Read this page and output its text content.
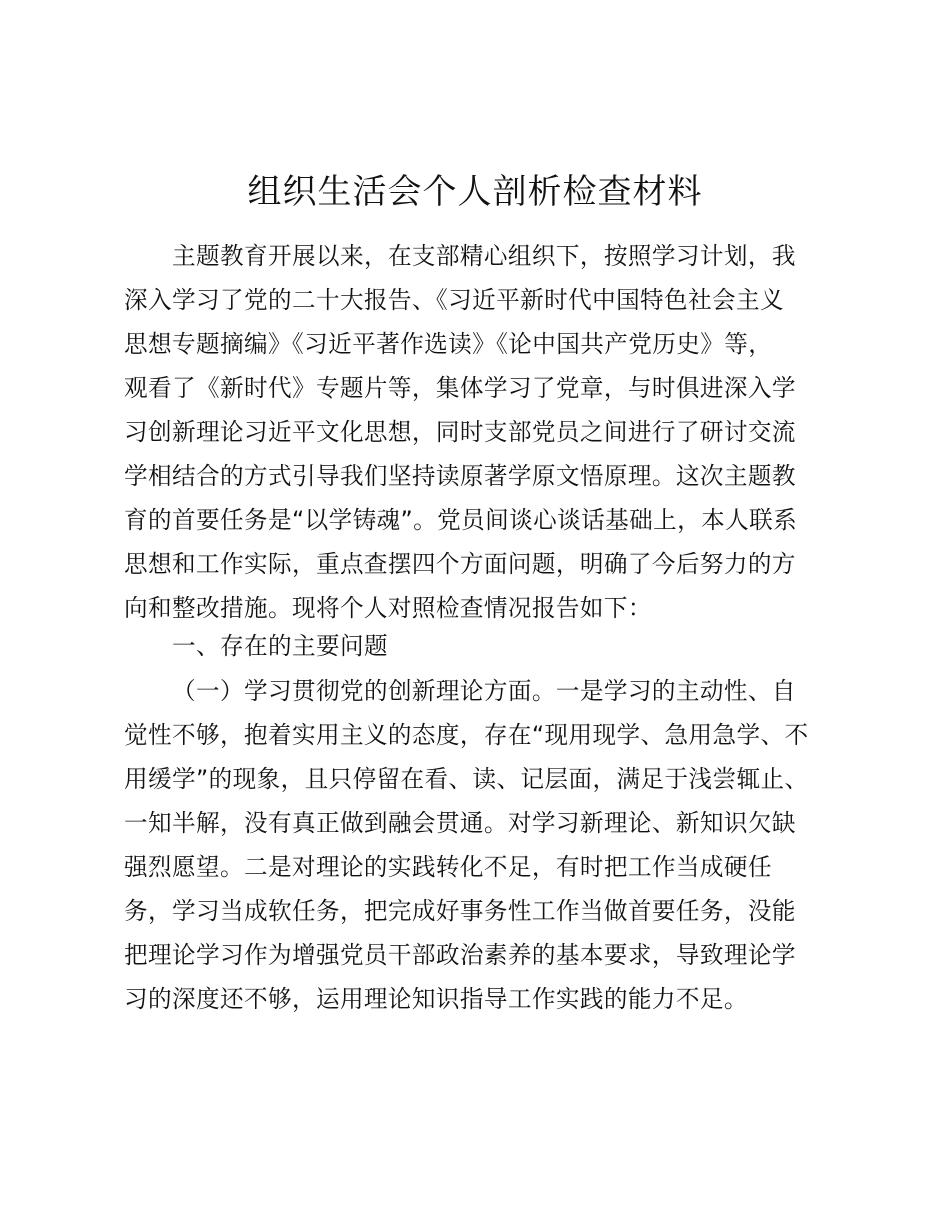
组织生活会个人剖析检查材料
主题教育开展以来，在支部精心组织下，按照学习计划，我
深入学习了党的二十大报告、《习近平新时代中国特色社会主义
思想专题摘编》《习近平著作选读》《论中国共产党历史》等，
观看了《新时代》专题片等，集体学习了党章，与时俱进深入学
习创新理论习近平文化思想，同时支部党员之间进行了研讨交流
学相结合的方式引导我们坚持读原著学原文悟原理。这次主题教
育的首要任务是“以学铸魂”。党员间谈心谈话基础上，本人联系
思想和工作实际，重点查摆四个方面问题，明确了今后努力的方
向和整改措施。现将个人对照检查情况报告如下：
一、存在的主要问题
（一）学习贯彻党的创新理论方面。一是学习的主动性、自
觉性不够，抱着实用主义的态度，存在“现用现学、急用急学、不
用缓学”的现象，且只停留在看、读、记层面，满足于浅尝辄止、
一知半解，没有真正做到融会贯通。对学习新理论、新知识欠缺
强烈愿望。二是对理论的实践转化不足，有时把工作当成硬任
务，学习当成软任务，把完成好事务性工作当做首要任务，没能
把理论学习作为增强党员干部政治素养的基本要求，导致理论学
习的深度还不够，运用理论知识指导工作实践的能力不足。
